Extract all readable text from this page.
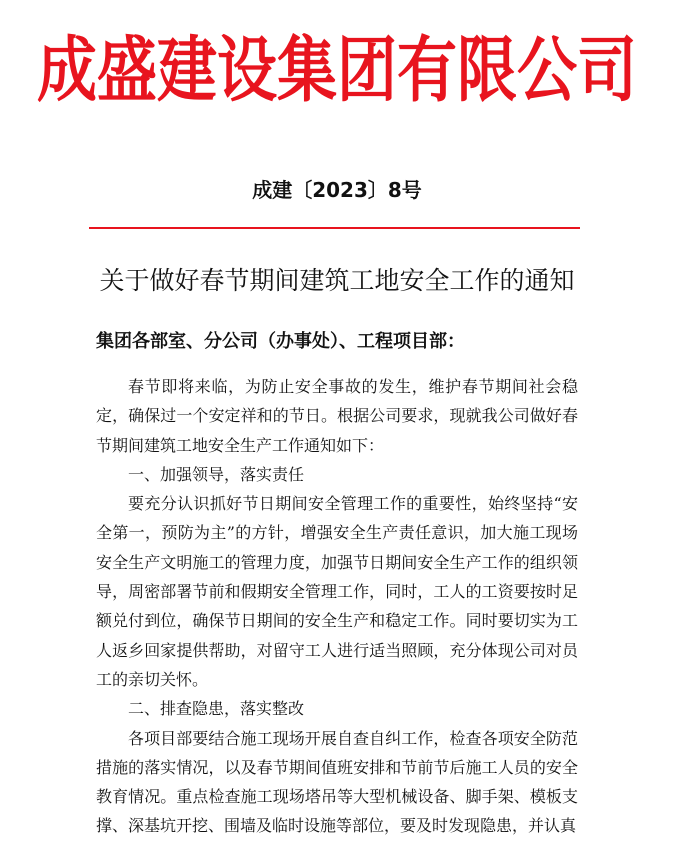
成盛建设集团有限公司
成建〔2023〕8号
关于做好春节期间建筑工地安全工作的通知
集团各部室、分公司（办事处）、工程项目部：

春节即将来临，为防止安全事故的发生，维护春节期间社会稳定，确保过一个安定祥和的节日。根据公司要求，现就我公司做好春节期间建筑工地安全生产工作通知如下：

一、加强领导，落实责任

要充分认识抓好节日期间安全管理工作的重要性，始终坚持“安全第一，预防为主”的方针，增强安全生产责任意识，加大施工现场安全生产文明施工的管理力度，加强节日期间安全生产工作的组织领导，周密部署节前和假期安全管理工作，同时，工人的工资要按时足额兑付到位，确保节日期间的安全生产和稳定工作。同时要切实为工人返乡回家提供帮助，对留守工人进行适当照顾，充分体现公司对员工的亲切关怀。

二、排查隐患，落实整改

各项目部要结合施工现场开展自查自纠工作，检查各项安全防范措施的落实情况，以及春节期间值班安排和节前节后施工人员的安全教育情况。重点检查施工现场塔吊等大型机械设备、脚手架、模板支撑、深基坑开挖、围墙及临时设施等部位，要及时发现隐患，并认真
